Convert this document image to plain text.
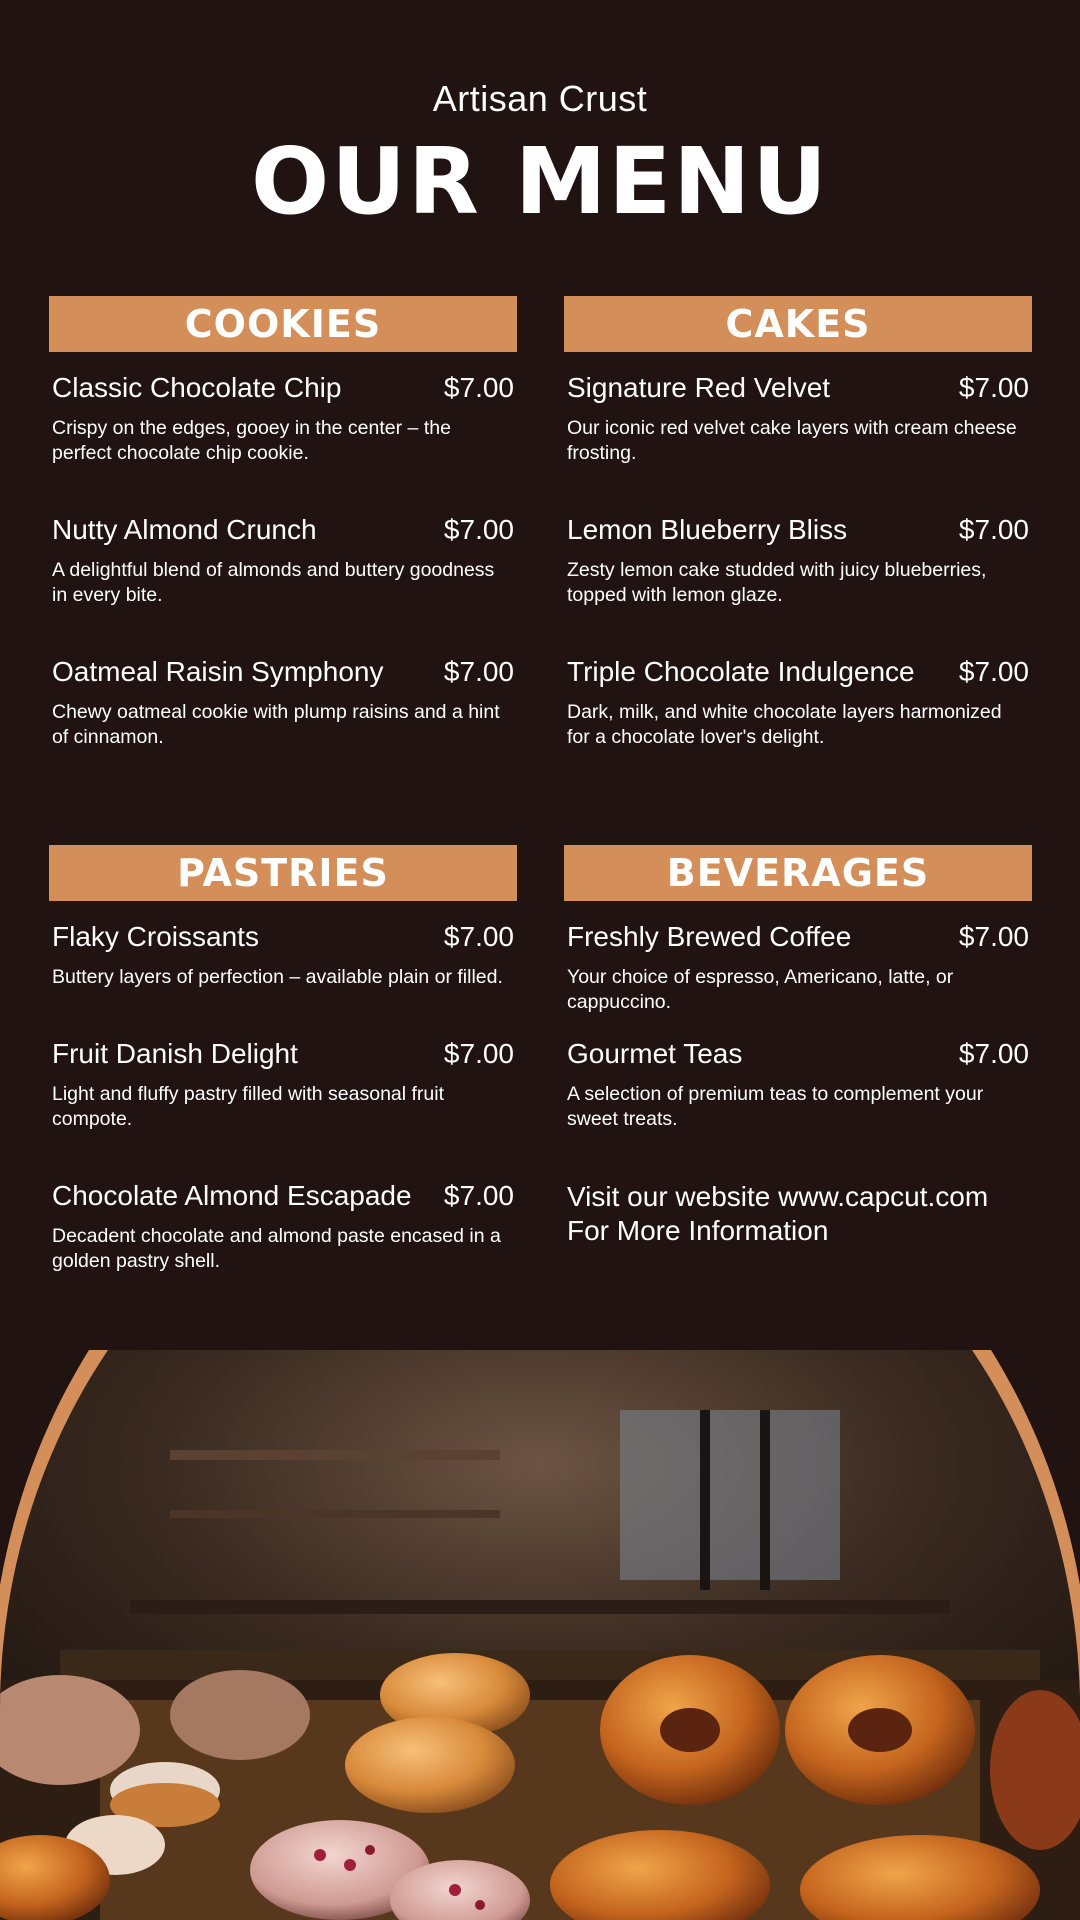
Artisan Crust
OUR MENU
COOKIES
Classic Chocolate Chip	$7.00
Crispy on the edges, gooey in the center – the perfect chocolate chip cookie.
Nutty Almond Crunch	$7.00
A delightful blend of almonds and buttery goodness in every bite.
Oatmeal Raisin Symphony $7.00
Chewy oatmeal cookie with plump raisins and a hint of cinnamon.
CAKES
Signature Red Velvet	$7.00
Our iconic red velvet cake layers with cream cheese frosting.
Lemon Blueberry Bliss	$7.00
Zesty lemon cake studded with juicy blueberries, topped with lemon glaze.
Triple Chocolate Indulgence $7.00
Dark, milk, and white chocolate layers harmonized for a chocolate lover's delight.
PASTRIES
Flaky Croissants	$7.00
Buttery layers of perfection – available plain or filled.
Fruit Danish Delight	$7.00
Light and fluffy pastry filled with seasonal fruit compote.
Chocolate Almond Escapade $7.00
Decadent chocolate and almond paste encased in a golden pastry shell.
BEVERAGES
Freshly Brewed Coffee	$7.00
Your choice of espresso, Americano, latte, or cappuccino.
Gourmet Teas	$7.00
A selection of premium teas to complement your sweet treats.
Visit our website www.capcut.com For More Information
